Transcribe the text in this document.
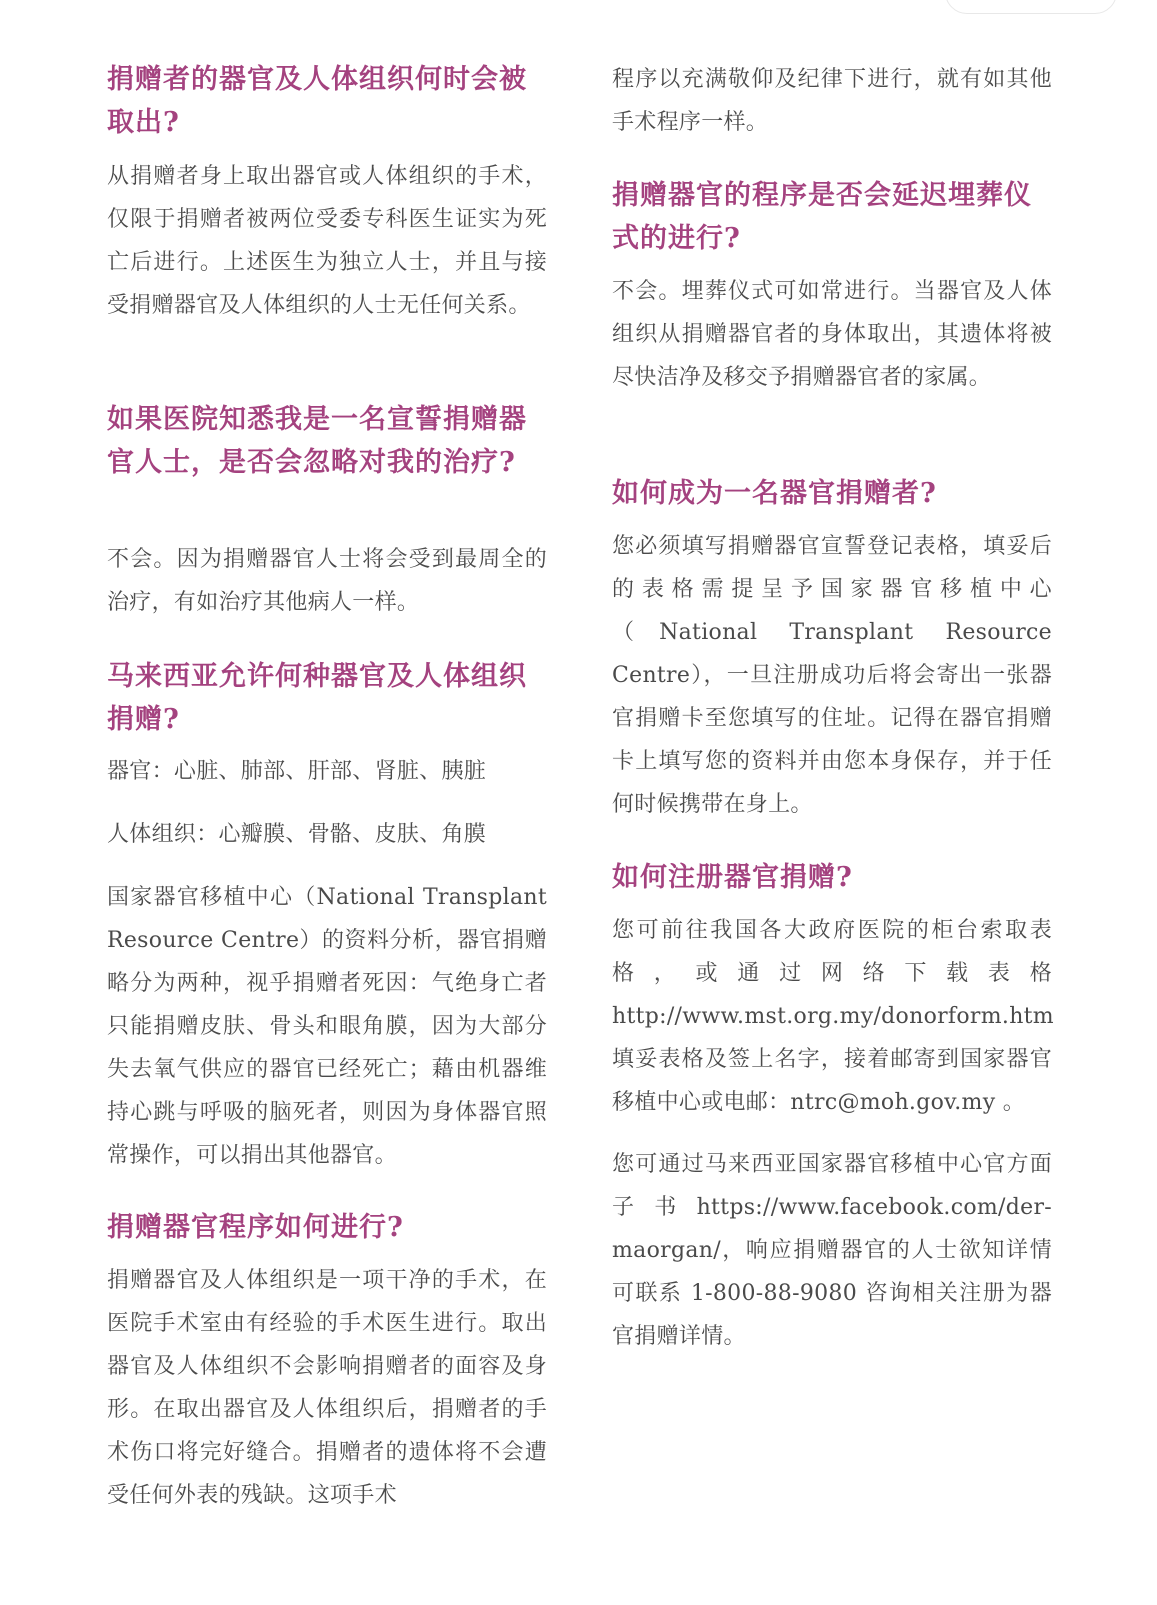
捐赠者的器官及人体组织何时会被取出?

从捐赠者身上取出器官或人体组织的手术，仅限于捐赠者被两位受委专科医生证实为死亡后进行。上述医生为独立人士，并且与接受捐赠器官及人体组织的人士无任何关系。

如果医院知悉我是一名宣誓捐赠器官人士，是否会忽略对我的治疗?

不会。因为捐赠器官人士将会受到最周全的治疗，有如治疗其他病人一样。

马来西亚允许何种器官及人体组织捐赠?

器官：心脏、肺部、肝部、肾脏、胰脏

人体组织：心瓣膜、骨骼、皮肤、角膜

国家器官移植中心（National Transplant Resource Centre）的资料分析，器官捐赠略分为两种，视乎捐赠者死因：气绝身亡者只能捐赠皮肤、骨头和眼角膜，因为大部分失去氧气供应的器官已经死亡；藉由机器维持心跳与呼吸的脑死者，则因为身体器官照常操作，可以捐出其他器官。

捐赠器官程序如何进行?

捐赠器官及人体组织是一项干净的手术，在医院手术室由有经验的手术医生进行。取出器官及人体组织不会影响捐赠者的面容及身形。在取出器官及人体组织后，捐赠者的手术伤口将完好缝合。捐赠者的遗体将不会遭受任何外表的残缺。这项手术

程序以充满敬仰及纪律下进行，就有如其他手术程序一样。

捐赠器官的程序是否会延迟埋葬仪式的进行?

不会。埋葬仪式可如常进行。当器官及人体组织从捐赠器官者的身体取出，其遗体将被尽快洁净及移交予捐赠器官者的家属。

如何成为一名器官捐赠者?

您必须填写捐赠器官宣誓登记表格，填妥后的表格需提呈予国家器官移植中心（National Transplant Resource Centre），一旦注册成功后将会寄出一张器官捐赠卡至您填写的住址。记得在器官捐赠卡上填写您的资料并由您本身保存，并于任何时候携带在身上。

如何注册器官捐赠?

您可前往我国各大政府医院的柜台索取表格，或通过网络下载表格 http://www.mst.org.my/donorform.htm 填妥表格及签上名字，接着邮寄到国家器官移植中心或电邮：ntrc@moh.gov.my 。

您可通过马来西亚国家器官移植中心官方面子书https://www.facebook.com/der-maorgan/，响应捐赠器官的人士欲知详情可联系 1-800-88-9080 咨询相关注册为器官捐赠详情。
